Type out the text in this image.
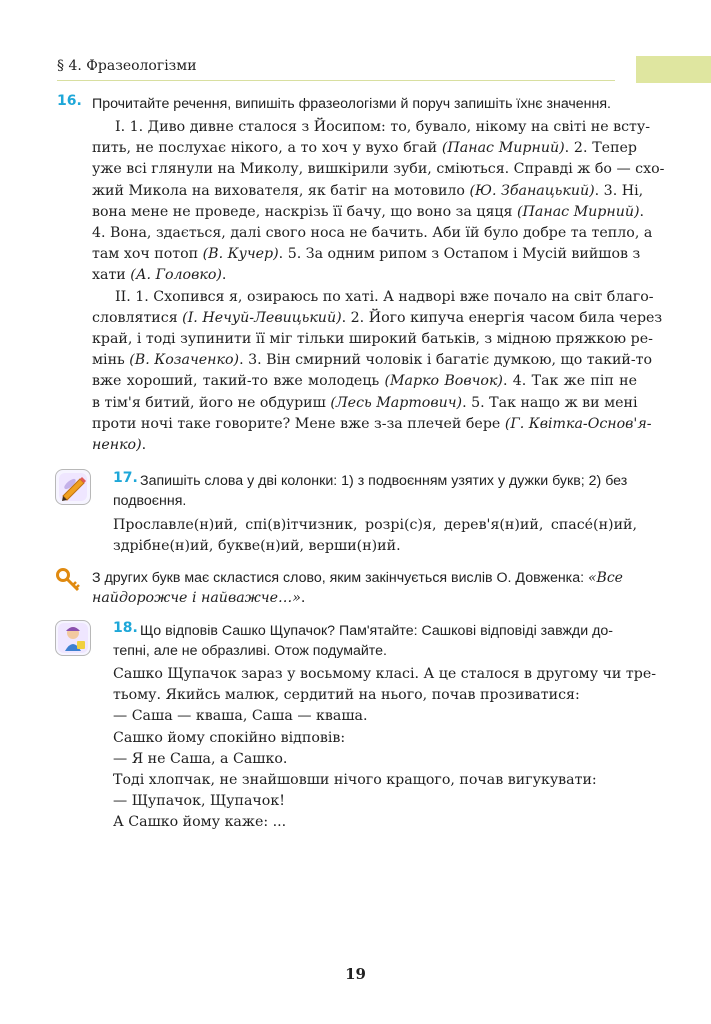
§ 4. Фразеологізми
16. Прочитайте речення, випишіть фразеологізми й поруч запишіть їхнє значення.
І. 1. Диво дивне сталося з Йосипом: то, бувало, нікому на світі не всту-
пить, не послухає нікого, а то хоч у вухо бгай (Панас Мирний). 2. Тепер
уже всі глянули на Миколу, вишкірили зуби, сміються. Справді ж бо — схо-
жий Микола на вихователя, як батіг на мотовило (Ю. Збанацький). 3. Ні,
вона мене не проведе, наскрізь її бачу, що воно за цяця (Панас Мирний).
4. Вона, здається, далі свого носа не бачить. Аби їй було добре та тепло, а
там хоч потоп (В. Кучер). 5. За одним рипом з Остапом і Мусій вийшов з
хати (А. Головко).
ІІ. 1. Схопився я, озираюсь по хаті. А надворі вже почало на світ благо-
словлятися (І. Нечуй-Левицький). 2. Його кипуча енергія часом била через
край, і тоді зупинити її міг тільки широкий батьків, з мідною пряжкою ре-
мінь (В. Козаченко). 3. Він смирний чоловік і багатіє думкою, що такий-то
вже хороший, такий-то вже молодець (Марко Вовчок). 4. Так же піп не
в тім'я битий, його не обдуриш (Лесь Мартович). 5. Так нащо ж ви мені
проти ночі таке говорите? Мене вже з-за плечей бере (Г. Квітка-Основ'я-
ненко).
17. Запишіть слова у дві колонки: 1) з подвоєнням узятих у дужки букв; 2) без
подвоєння.
Прославле(н)ий, спі(в)ітчизник, розрі(с)я, дерев'я(н)ий, спасе́(н)ий,
здрібне(н)ий, букве(н)ий, верши(н)ий.
З других букв має скластися слово, яким закінчується вислів О. Довженка: «Все
найдорожче і найважче…».
18. Що відповів Сашко Щупачок? Пам'ятайте: Сашкові відповіді завжди до-
тепні, але не образливі. Отож подумайте.
Сашко Щупачок зараз у восьмому класі. А це сталося в другому чи тре-
тьому. Якийсь малюк, сердитий на нього, почав прозиватися:
— Саша — кваша, Саша — кваша.
Сашко йому спокійно відповів:
— Я не Саша, а Сашко.
Тоді хлопчак, не знайшовши нічого кращого, почав вигукувати:
— Щупачок, Щупачок!
А Сашко йому каже: ...
19
